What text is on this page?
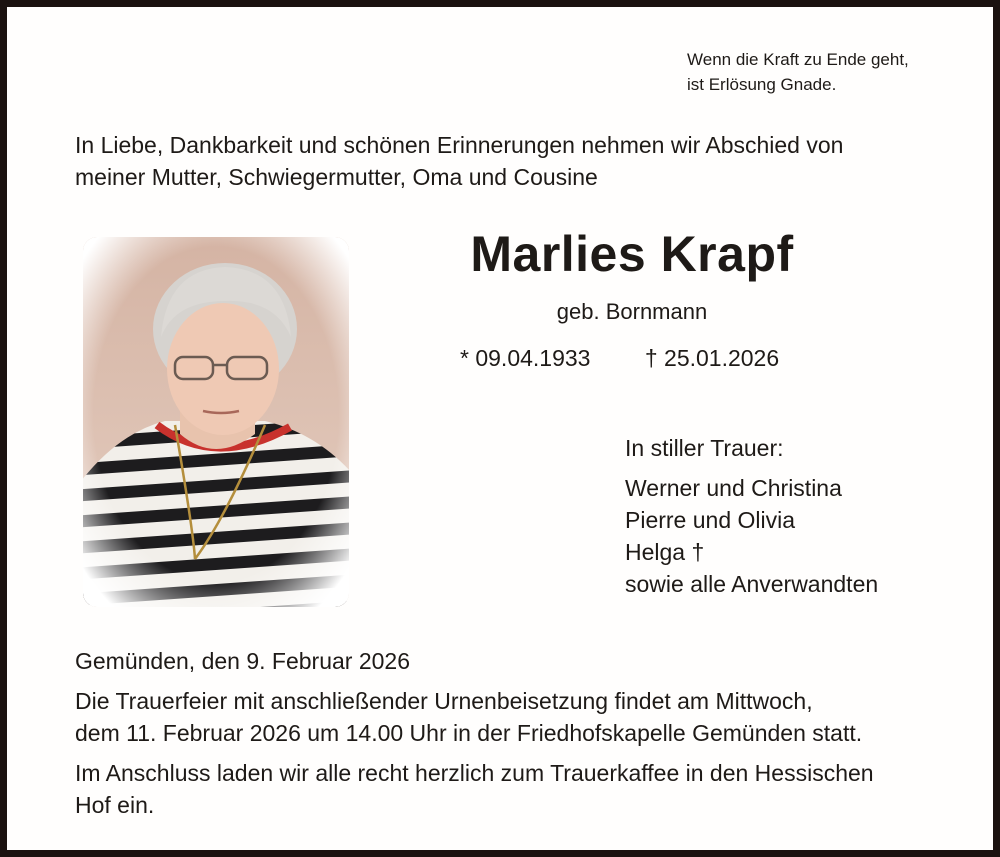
Wenn die Kraft zu Ende geht,
ist Erlösung Gnade.
In Liebe, Dankbarkeit und schönen Erinnerungen nehmen wir Abschied von
meiner Mutter, Schwiegermutter, Oma und Cousine
Marlies Krapf
geb. Bornmann
* 09.04.1933 † 25.01.2026
In stiller Trauer:
Werner und Christina
Pierre und Olivia
Helga †
sowie alle Anverwandten

Gemünden, den 9. Februar 2026

Die Trauerfeier mit anschließender Urnenbeisetzung findet am Mittwoch,

dem 11. Februar 2026 um 14.00 Uhr in der Friedhofskapelle Gemünden statt.

Im Anschluss laden wir alle recht herzlich zum Trauerkaffee in den Hessischen

Hof ein.
